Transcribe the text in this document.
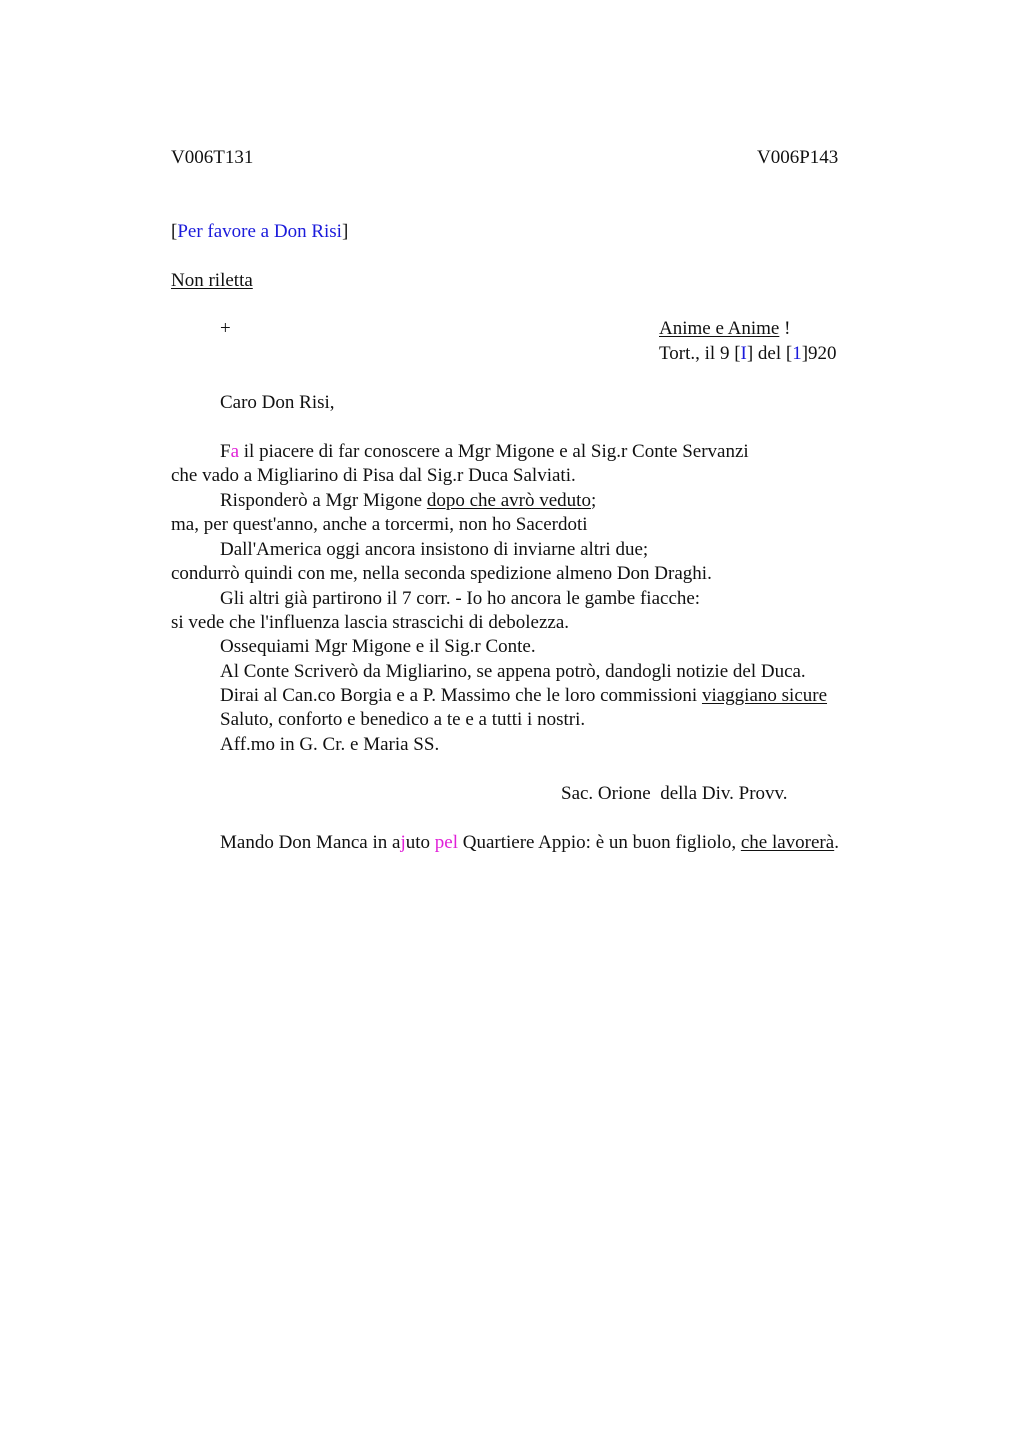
V006T131	V006P143
[Per favore a Don Risi]
Non riletta
+	Anime e Anime !
Tort., il 9 [I] del [1]920
Caro Don Risi,
Fa il piacere di far conoscere a Mgr Migone e al Sig.r Conte Servanzi
che vado a Migliarino di Pisa dal Sig.r Duca Salviati.
Risponderò a Mgr Migone dopo che avrò veduto;
ma, per quest'anno, anche a torcermi, non ho Sacerdoti
Dall'America oggi ancora insistono di inviarne altri due;
condurrò quindi con me, nella seconda spedizione almeno Don Draghi.
Gli altri già partirono il 7 corr. - Io ho ancora le gambe fiacche:
si vede che l'influenza lascia strascichi di debolezza.
Ossequiami Mgr Migone e il Sig.r Conte.
Al Conte Scriverò da Migliarino, se appena potrò, dandogli notizie del Duca.
Dirai al Can.co Borgia e a P. Massimo che le loro commissioni viaggiano sicure
Saluto, conforto e benedico a te e a tutti i nostri.
Aff.mo in G. Cr. e Maria SS.
Sac. Orione  della Div. Provv.
Mando Don Manca in ajuto pel Quartiere Appio: è un buon figliolo, che lavorerà.
